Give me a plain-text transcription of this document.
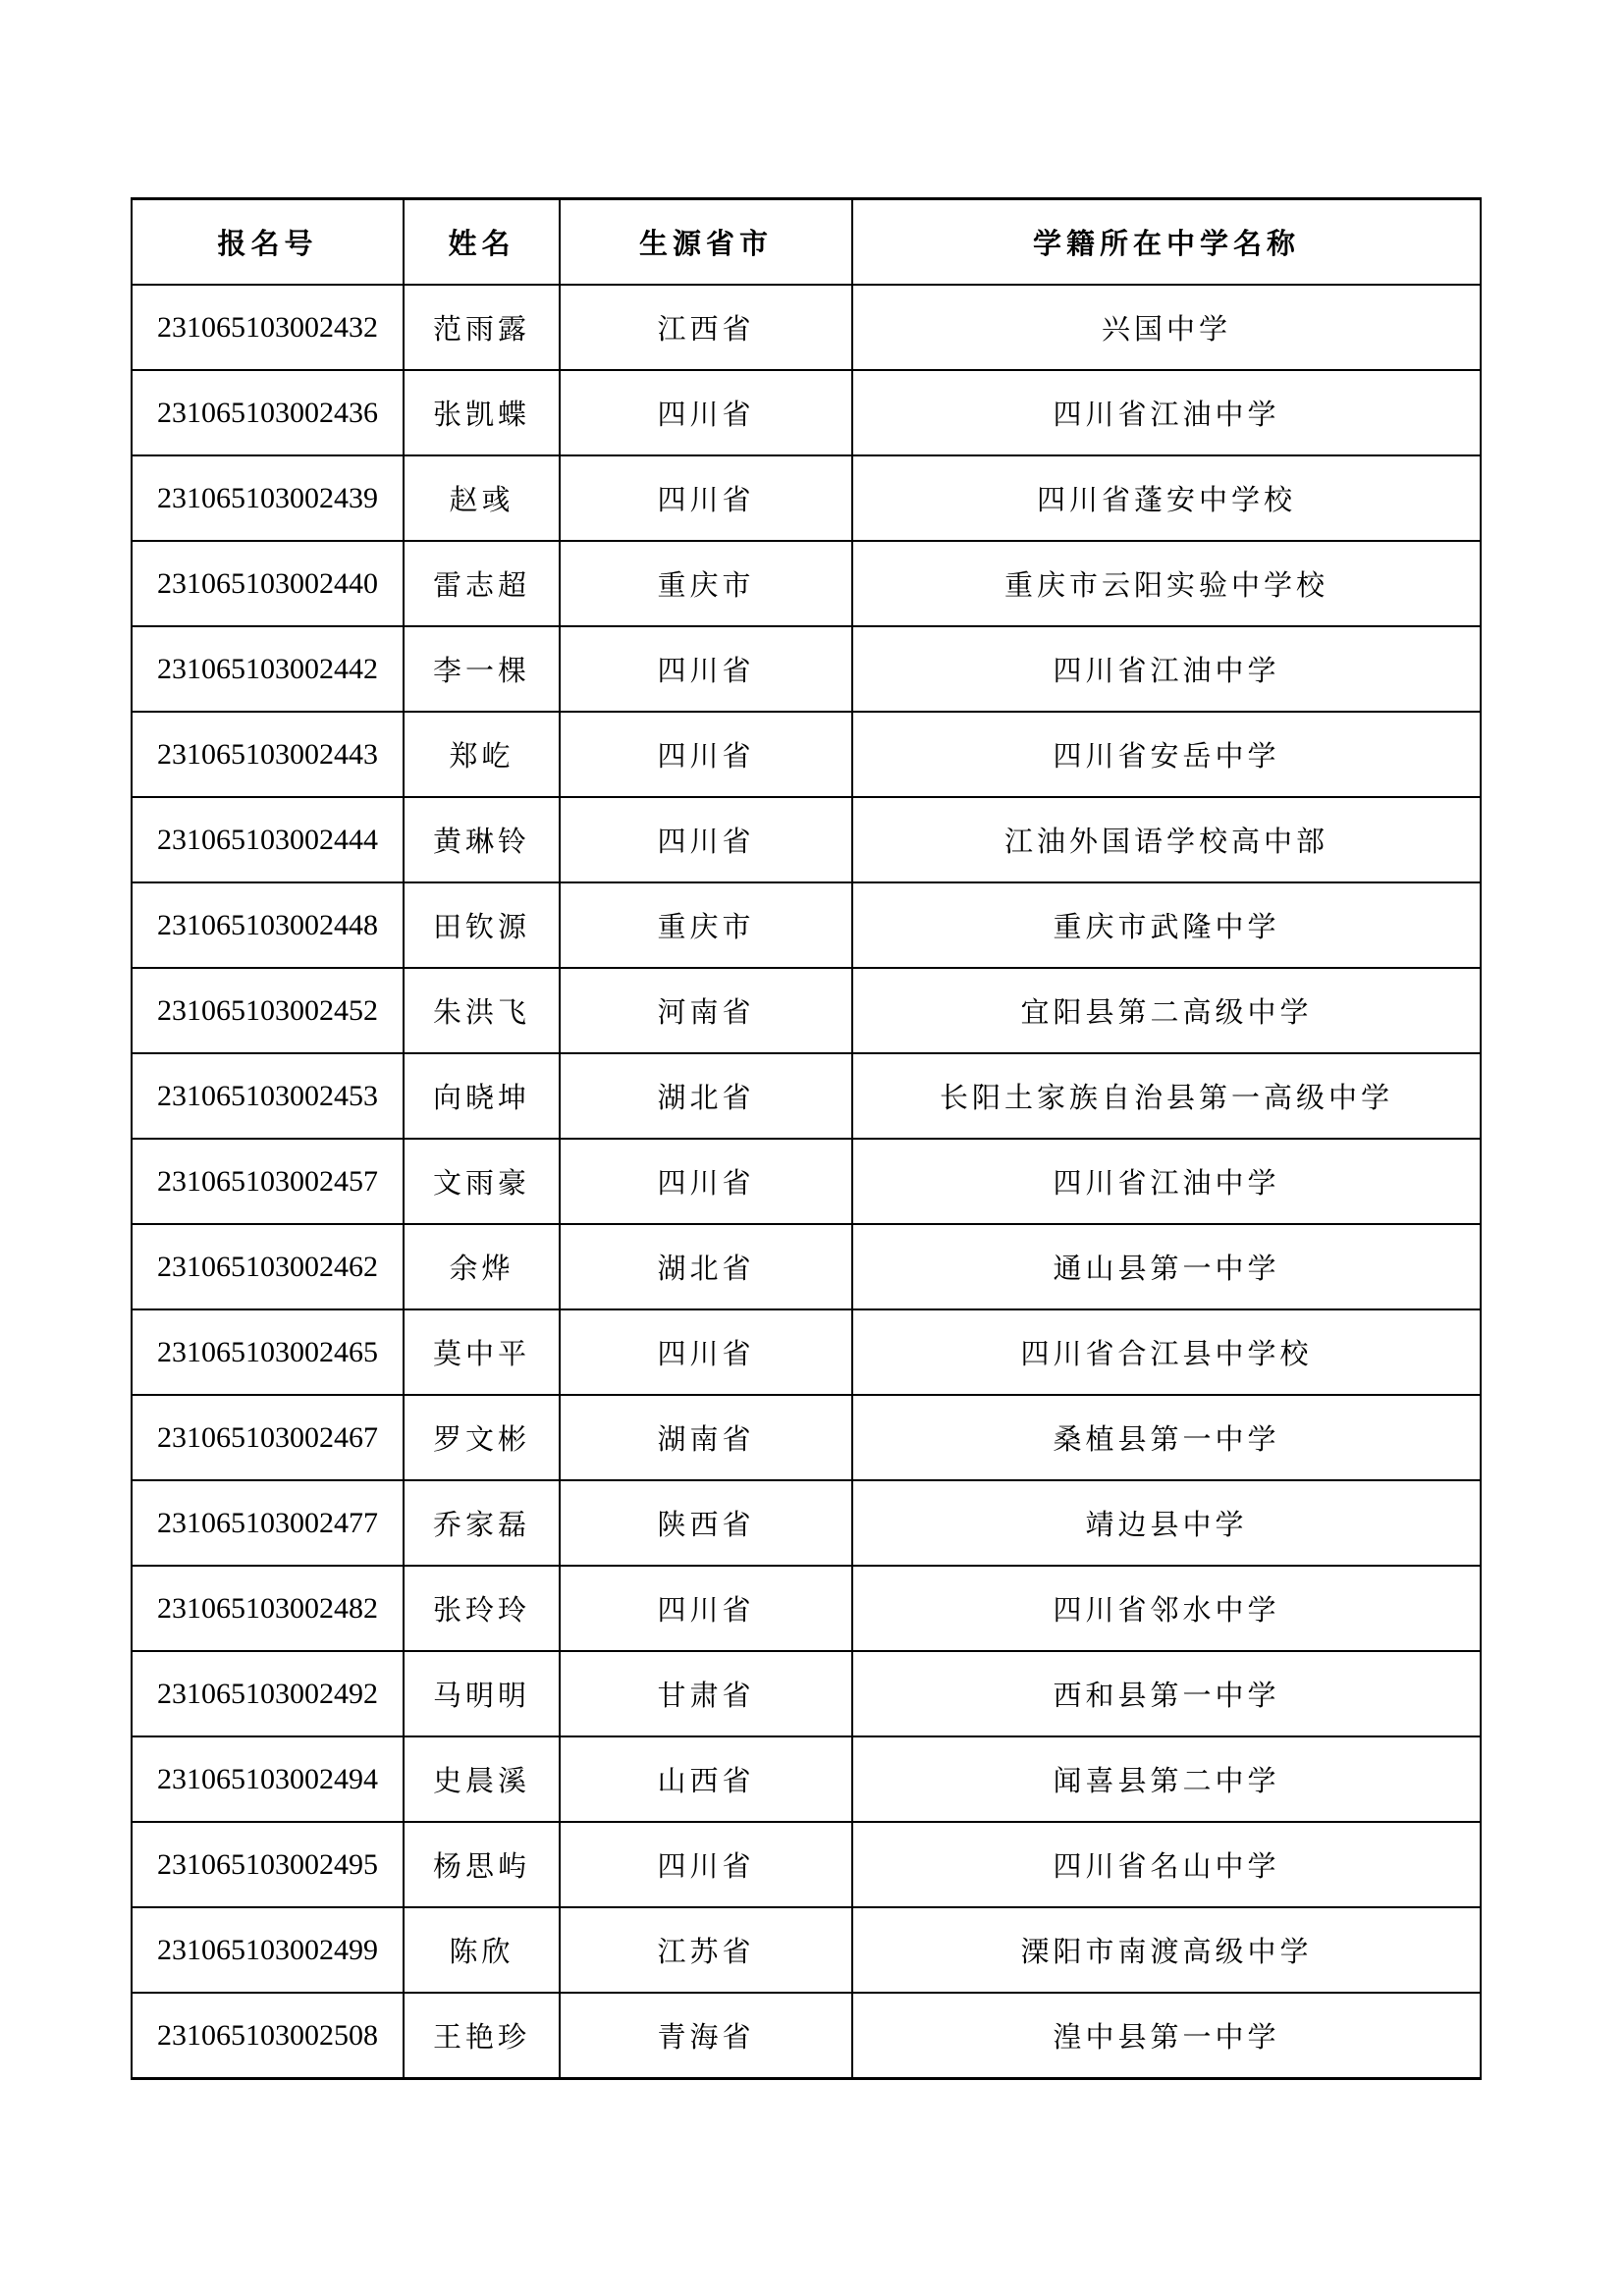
报名号	姓名	生源省市	学籍所在中学名称
231065103002432	范雨露	江西省	兴国中学
231065103002436	张凯蝶	四川省	四川省江油中学
231065103002439	赵彧	四川省	四川省蓬安中学校
231065103002440	雷志超	重庆市	重庆市云阳实验中学校
231065103002442	李一棵	四川省	四川省江油中学
231065103002443	郑屹	四川省	四川省安岳中学
231065103002444	黄琳铃	四川省	江油外国语学校高中部
231065103002448	田钦源	重庆市	重庆市武隆中学
231065103002452	朱洪飞	河南省	宜阳县第二高级中学
231065103002453	向晓坤	湖北省	长阳土家族自治县第一高级中学
231065103002457	文雨豪	四川省	四川省江油中学
231065103002462	余烨	湖北省	通山县第一中学
231065103002465	莫中平	四川省	四川省合江县中学校
231065103002467	罗文彬	湖南省	桑植县第一中学
231065103002477	乔家磊	陕西省	靖边县中学
231065103002482	张玲玲	四川省	四川省邻水中学
231065103002492	马明明	甘肃省	西和县第一中学
231065103002494	史晨溪	山西省	闻喜县第二中学
231065103002495	杨思屿	四川省	四川省名山中学
231065103002499	陈欣	江苏省	溧阳市南渡高级中学
231065103002508	王艳珍	青海省	湟中县第一中学
